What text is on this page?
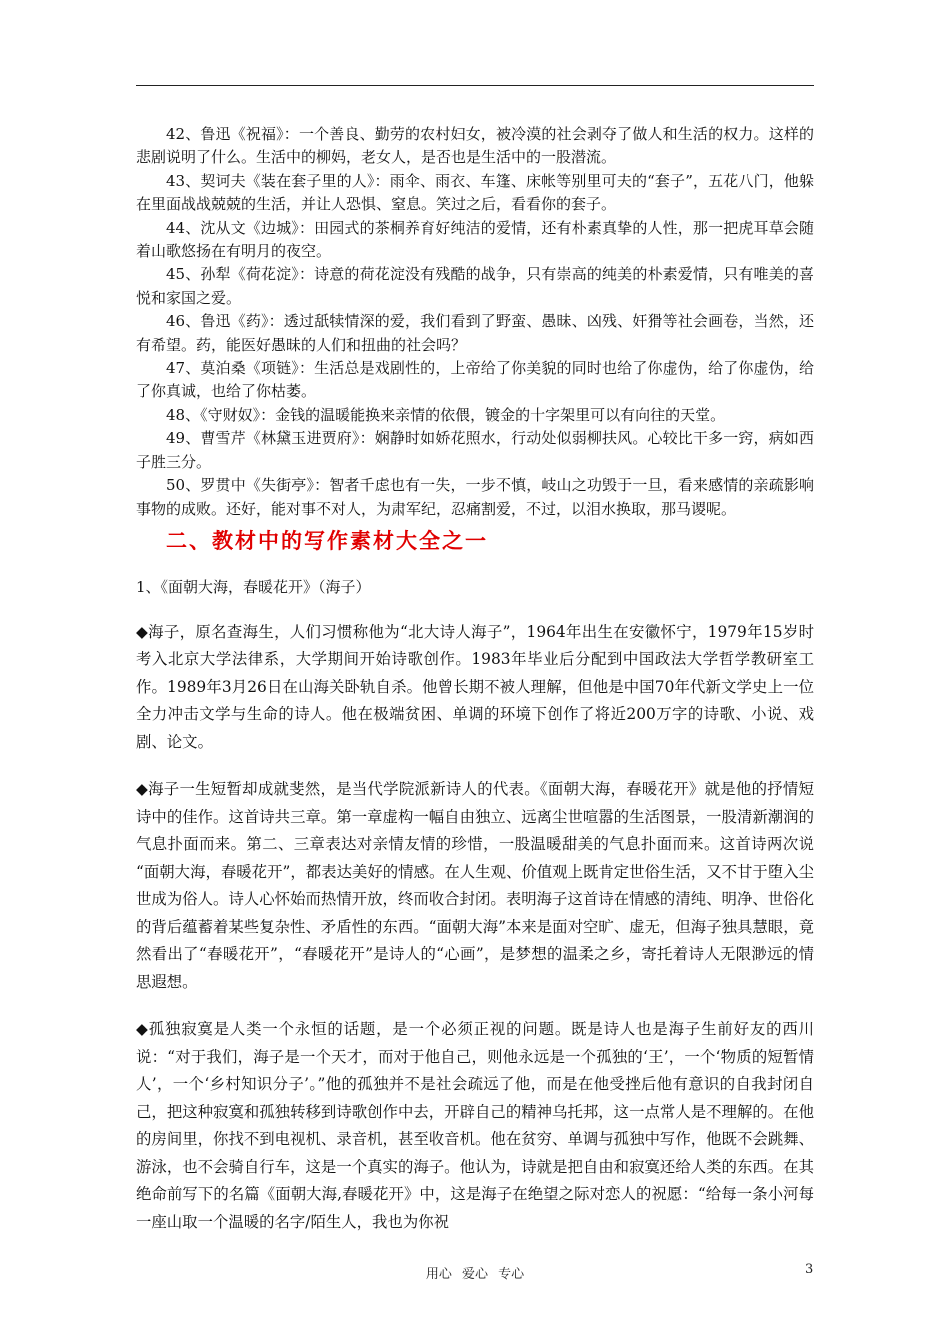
42、鲁迅《祝福》：一个善良、勤劳的农村妇女，被冷漠的社会剥夺了做人和生活的权力。这样的悲剧说明了什么。生活中的柳妈，老女人，是否也是生活中的一股潜流。

43、契诃夫《装在套子里的人》：雨伞、雨衣、车篷、床帐等别里可夫的“套子”，五花八门，他躲在里面战战兢兢的生活，并让人恐惧、窒息。笑过之后，看看你的套子。

44、沈从文《边城》：田园式的茶桐养育好纯洁的爱情，还有朴素真挚的人性，那一把虎耳草会随着山歌悠扬在有明月的夜空。

45、孙犁《荷花淀》：诗意的荷花淀没有残酷的战争，只有崇高的纯美的朴素爱情，只有唯美的喜悦和家国之爱。

46、鲁迅《药》：透过舐犊情深的爱，我们看到了野蛮、愚昧、凶残、奸猾等社会画卷，当然，还有希望。药，能医好愚昧的人们和扭曲的社会吗？

47、莫泊桑《项链》：生活总是戏剧性的，上帝给了你美貌的同时也给了你虚伪，给了你虚伪，给了你真诚，也给了你枯萎。

48、《守财奴》：金钱的温暖能换来亲情的依偎，镀金的十字架里可以有向往的天堂。

49、曹雪芹《林黛玉进贾府》：娴静时如娇花照水，行动处似弱柳扶风。心较比干多一窍，病如西子胜三分。

50、罗贯中《失街亭》：智者千虑也有一失，一步不慎，岐山之功毁于一旦，看来感情的亲疏影响事物的成败。还好，能对事不对人，为肃军纪，忍痛割爱，不过，以泪水换取，那马谡呢。

二、教材中的写作素材大全之一

1、《面朝大海，春暖花开》（海子）

◆海子，原名查海生，人们习惯称他为“北大诗人海子”，1964年出生在安徽怀宁，1979年15岁时考入北京大学法律系，大学期间开始诗歌创作。1983年毕业后分配到中国政法大学哲学教研室工作。1989年3月26日在山海关卧轨自杀。他曾长期不被人理解，但他是中国70年代新文学史上一位全力冲击文学与生命的诗人。他在极端贫困、单调的环境下创作了将近200万字的诗歌、小说、戏剧、论文。

◆海子一生短暂却成就斐然，是当代学院派新诗人的代表。《面朝大海，春暖花开》就是他的抒情短诗中的佳作。这首诗共三章。第一章虚构一幅自由独立、远离尘世喧嚣的生活图景，一股清新潮润的气息扑面而来。第二、三章表达对亲情友情的珍惜，一股温暖甜美的气息扑面而来。这首诗两次说 “面朝大海，春暖花开”，都表达美好的情感。在人生观、价值观上既肯定世俗生活，又不甘于堕入尘世成为俗人。诗人心怀始而热情开放，终而收合封闭。表明海子这首诗在情感的清纯、明净、世俗化的背后蕴蓄着某些复杂性、矛盾性的东西。“面朝大海”本来是面对空旷、虚无，但海子独具慧眼，竟然看出了“春暖花开”，“春暖花开”是诗人的“心画”，是梦想的温柔之乡，寄托着诗人无限渺远的情思遐想。

◆孤独寂寞是人类一个永恒的话题，是一个必须正视的问题。既是诗人也是海子生前好友的西川说：“对于我们，海子是一个天才，而对于他自己，则他永远是一个孤独的‘王’，一个‘物质的短暂情人’，一个‘乡村知识分子’。”他的孤独并不是社会疏远了他，而是在他受挫后他有意识的自我封闭自己，把这种寂寞和孤独转移到诗歌创作中去，开辟自己的精神乌托邦，这一点常人是不理解的。在他的房间里，你找不到电视机、录音机，甚至收音机。他在贫穷、单调与孤独中写作，他既不会跳舞、游泳，也不会骑自行车，这是一个真实的海子。他认为，诗就是把自由和寂寞还给人类的东西。在其绝命前写下的名篇《面朝大海,春暖花开》中，这是海子在绝望之际对恋人的祝愿：“给每一条小河每一座山取一个温暖的名字/陌生人，我也为你祝

用心 爱心 专心	3
